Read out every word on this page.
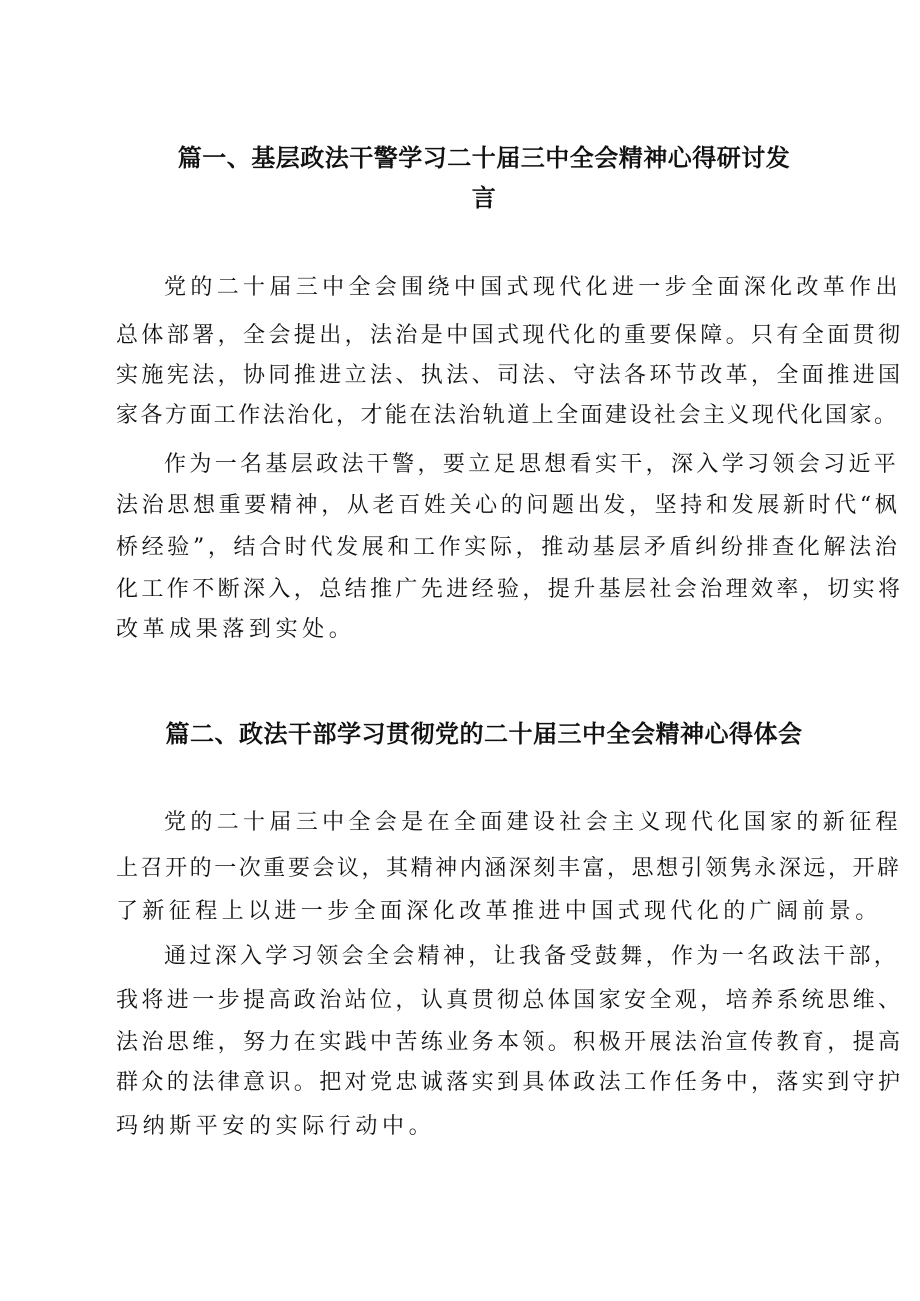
篇一、基层政法干警学习二十届三中全会精神心得研讨发
言

党的二十届三中全会围绕中国式现代化进一步全面深化改革作出

总体部署，全会提出，法治是中国式现代化的重要保障。只有全面贯彻

实施宪法，协同推进立法、执法、司法、守法各环节改革，全面推进国

家各方面工作法治化，才能在法治轨道上全面建设社会主义现代化国家。

作为一名基层政法干警，要立足思想看实干，深入学习领会习近平

法治思想重要精神，从老百姓关心的问题出发，坚持和发展新时代“枫

桥经验”，结合时代发展和工作实际，推动基层矛盾纠纷排查化解法治

化工作不断深入，总结推广先进经验，提升基层社会治理效率，切实将

改革成果落到实处。

篇二、政法干部学习贯彻党的二十届三中全会精神心得体会

党的二十届三中全会是在全面建设社会主义现代化国家的新征程

上召开的一次重要会议，其精神内涵深刻丰富，思想引领隽永深远，开辟

了新征程上以进一步全面深化改革推进中国式现代化的广阔前景。

通过深入学习领会全会精神，让我备受鼓舞，作为一名政法干部，

我将进一步提高政治站位，认真贯彻总体国家安全观，培养系统思维、

法治思维，努力在实践中苦练业务本领。积极开展法治宣传教育，提高

群众的法律意识。把对党忠诚落实到具体政法工作任务中，落实到守护

玛纳斯平安的实际行动中。
